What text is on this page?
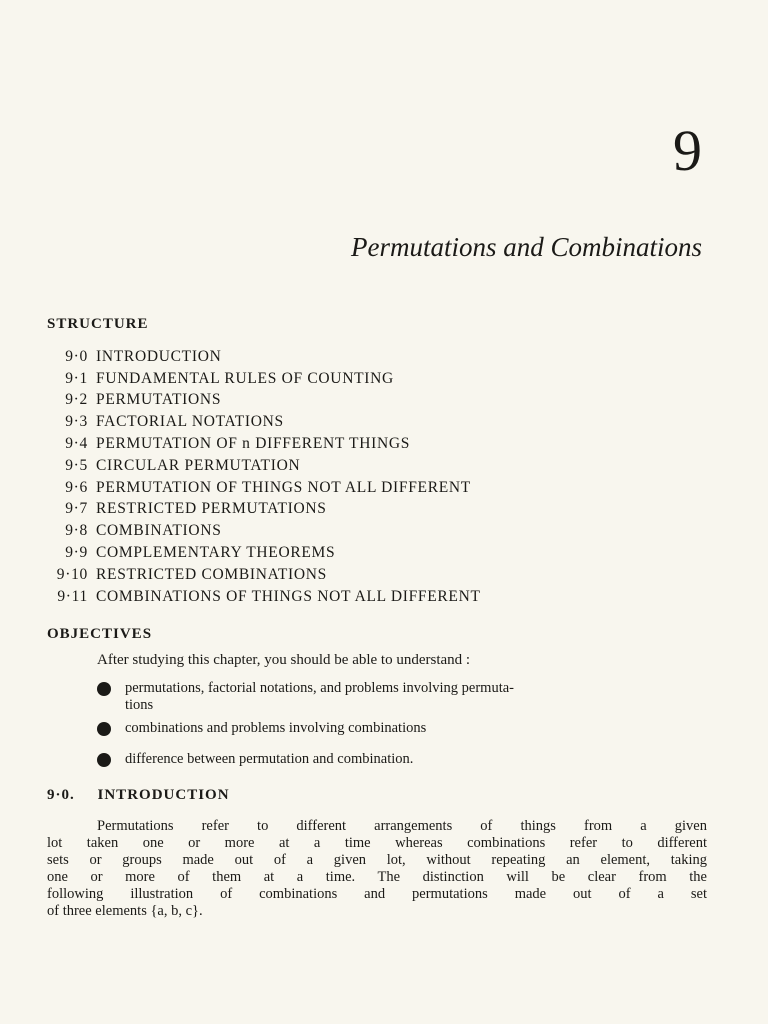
9
Permutations and Combinations
STRUCTURE
9·0 INTRODUCTION
9·1 FUNDAMENTAL RULES OF COUNTING
9·2 PERMUTATIONS
9·3 FACTORIAL NOTATIONS
9·4 PERMUTATION OF n DIFFERENT THINGS
9·5 CIRCULAR PERMUTATION
9·6 PERMUTATION OF THINGS NOT ALL DIFFERENT
9·7 RESTRICTED PERMUTATIONS
9·8 COMBINATIONS
9·9 COMPLEMENTARY THEOREMS
9·10 RESTRICTED COMBINATIONS
9·11 COMBINATIONS OF THINGS NOT ALL DIFFERENT
OBJECTIVES
After studying this chapter, you should be able to understand :
permutations, factorial notations, and problems involving permuta-
tions
combinations and problems involving combinations
difference between permutation and combination.
9·0. INTRODUCTION
Permutations refer to different arrangements of things from a given
lot taken one or more at a time whereas combinations refer to different
sets or groups made out of a given lot, without repeating an element, taking
one or more of them at a time. The distinction will be clear from the
following illustration of combinations and permutations made out of a set
of three elements {a, b, c}.
